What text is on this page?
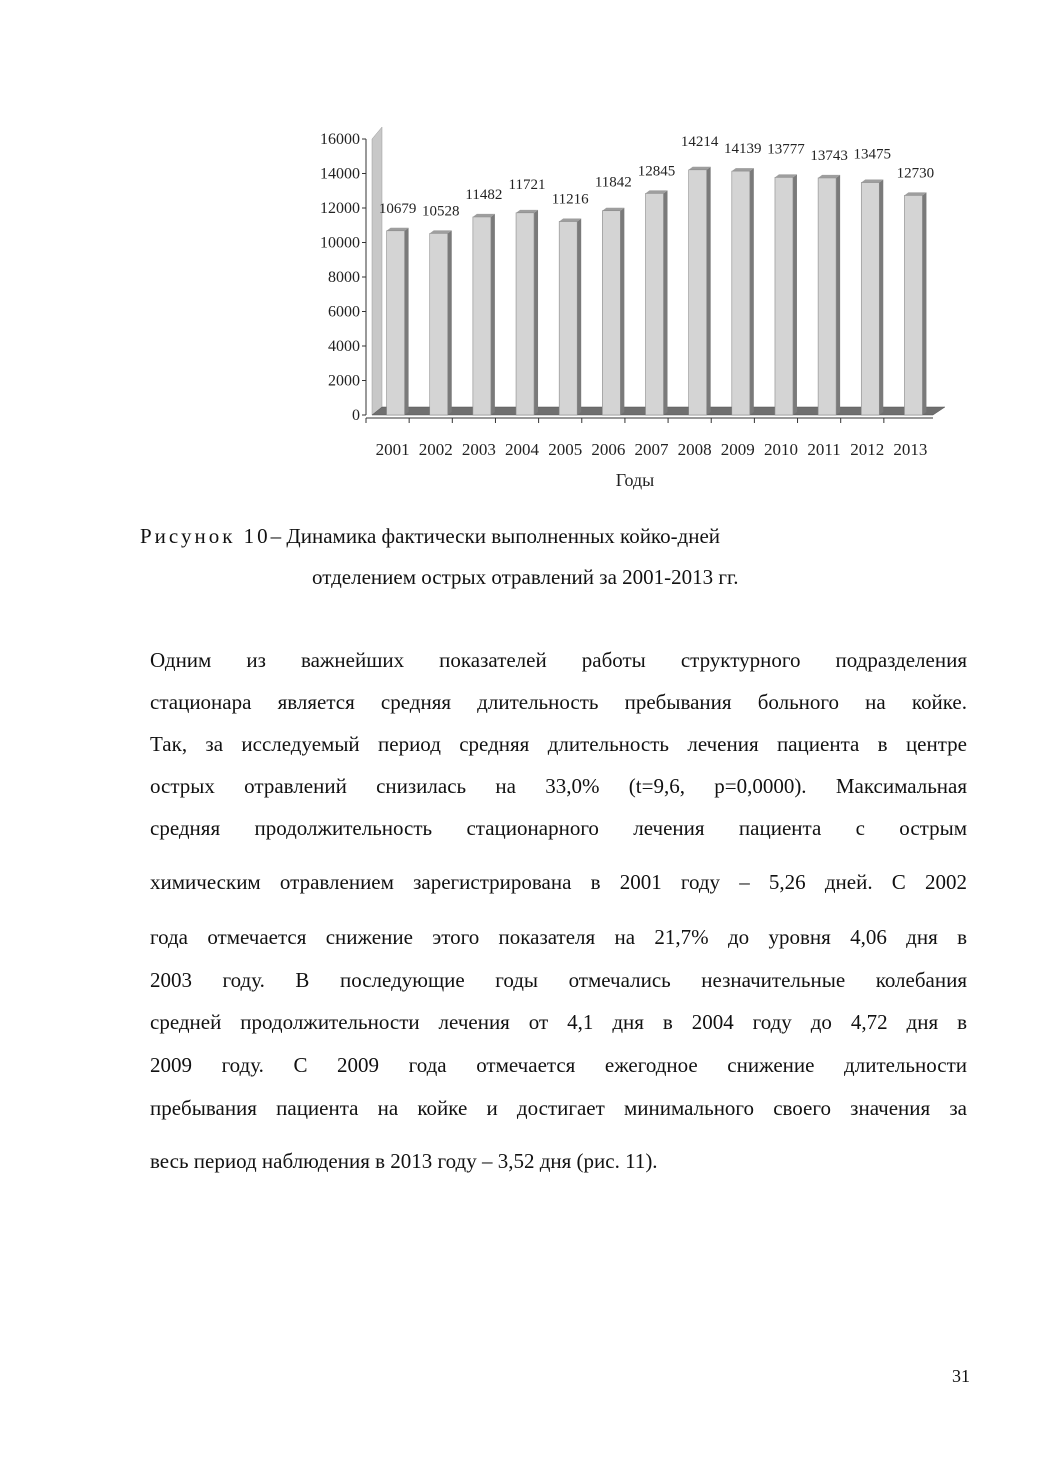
0
2000
4000
6000
8000
10000
12000
14000
16000
2001
10679
2002
10528
2003
11482
2004
11721
2005
11216
2006
11842
2007
12845
2008
14214
2009
14139
2010
13777
2011
13743
2012
13475
2013
12730
Годы
Рисунок 10– Динамика фактически выполненных койко-дней
отделением острых отравлений за 2001-2013 гг.
Одним из важнейших показателей работы структурного подразделения
стационара является средняя длительность пребывания больного на койке.
Так, за исследуемый период средняя длительность лечения пациента в центре
острых отравлений снизилась на 33,0% (t=9,6, p=0,0000). Максимальная
средняя продолжительность стационарного лечения пациента с острым
химическим отравлением зарегистрирована в 2001 году – 5,26 дней. С 2002
года отмечается снижение этого показателя на 21,7% до уровня 4,06 дня в
2003 году. В последующие годы отмечались незначительные колебания
средней продолжительности лечения от 4,1 дня в 2004 году до 4,72 дня в
2009 году. С 2009 года отмечается ежегодное снижение длительности
пребывания пациента на койке и достигает минимального своего значения за
весь период наблюдения в 2013 году – 3,52 дня (рис. 11).
31
